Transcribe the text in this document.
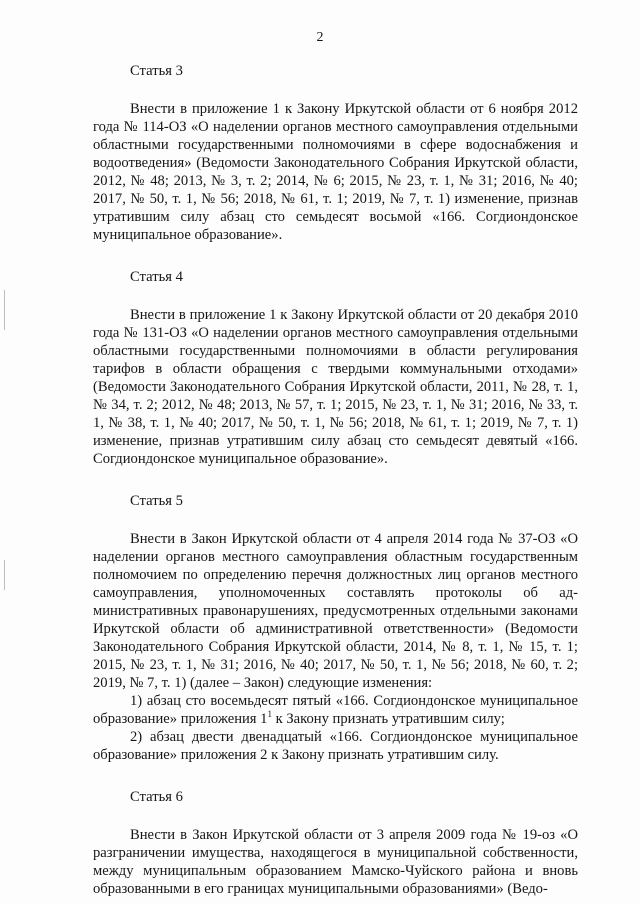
2

Статья 3

Внести в приложение 1 к Закону Иркутской области от 6 ноября 2012 года № 114-ОЗ «О наделении органов местного самоуправления отдельными областными государственными полномочиями в сфере водоснабжения и водоотведения» (Ведомости Законодательного Собрания Иркутской области, 2012, № 48; 2013, № 3, т. 2; 2014, № 6; 2015, № 23, т. 1, № 31; 2016, № 40; 2017, № 50, т. 1, № 56; 2018, № 61, т. 1; 2019, № 7, т. 1) изменение, признав утратившим силу абзац сто семьдесят восьмой «166. Согдиондонское муниципальное образование».

Статья 4

Внести в приложение 1 к Закону Иркутской области от 20 декабря 2010 года № 131-ОЗ «О наделении органов местного самоуправления отдельными областными государственными полномочиями в области регулирования тарифов в области обращения с твердыми коммунальными отходами» (Ведомости Законодательного Собрания Иркутской области, 2011, № 28, т. 1, № 34, т. 2; 2012, № 48; 2013, № 57, т. 1; 2015, № 23, т. 1, № 31; 2016, № 33, т. 1, № 38, т. 1, № 40; 2017, № 50, т. 1, № 56; 2018, № 61, т. 1; 2019, № 7, т. 1) изменение, признав утратившим силу абзац сто семьдесят девятый «166. Согдиондонское муниципальное образование».

Статья 5

Внести в Закон Иркутской области от 4 апреля 2014 года № 37-ОЗ «О наделении органов местного самоуправления областным государственным полномочием по определению перечня должностных лиц органов местного самоуправления, уполномоченных составлять протоколы об административных правонарушениях, предусмотренных отдельными законами Иркутской области об административной ответственности» (Ведомости Законодательного Собрания Иркутской области, 2014, № 8, т. 1, № 15, т. 1; 2015, № 23, т. 1, № 31; 2016, № 40; 2017, № 50, т. 1, № 56; 2018, № 60, т. 2; 2019, № 7, т. 1) (далее – Закон) следующие изменения:

1) абзац сто восемьдесят пятый «166. Согдиондонское муниципальное образование» приложения $1^1$ к Закону признать утратившим силу;

2) абзац двести двенадцатый «166. Согдиондонское муниципальное образование» приложения 2 к Закону признать утратившим силу.

Статья 6

Внести в Закон Иркутской области от 3 апреля 2009 года № 19-оз «О разграничении имущества, находящегося в муниципальной собственности, между муниципальным образованием Мамско-Чуйского района и вновь образованными в его границах муниципальными образованиями» (Ведо-
